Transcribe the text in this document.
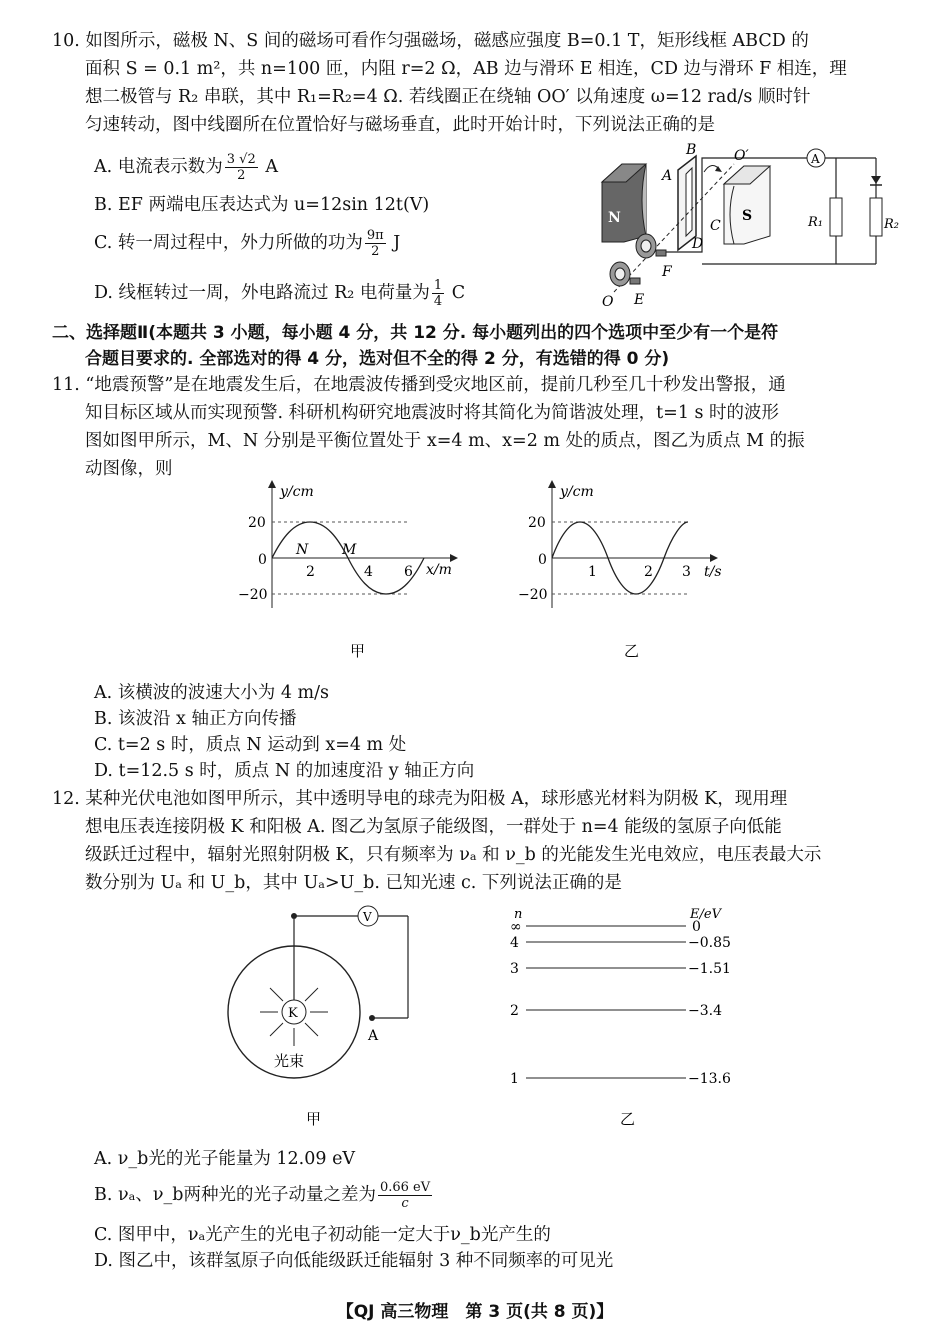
10. 如图所示，磁极 N、S 间的磁场可看作匀强磁场，磁感应强度 B=0.1 T，矩形线框 ABCD 的
面积 S = 0.1 m²，共 n=100 匝，内阻 r=2 Ω，AB 边与滑环 E 相连，CD 边与滑环 F 相连，理
想二极管与 R₂ 串联，其中 R₁=R₂=4 Ω. 若线圈正在绕轴 OO′ 以角速度 ω=12 rad/s 顺时针
匀速转动，图中线圈所在位置恰好与磁场垂直，此时开始计时，下列说法正确的是
A. 电流表示数为 $\frac{3 √2}{2}$ A
B. EF 两端电压表达式为 u=12sin 12t(V)
C. 转一周过程中，外力所做的功为 $\frac{9\pi}{2}$ J
D. 线框转过一周，外电路流过 R₂ 电荷量为 $\frac{1}{4}$ C
N	S
A
R₁	R₂
A
B
C
D
O′
F
E
O
二、选择题Ⅱ(本题共 3 小题，每小题 4 分，共 12 分. 每小题列出的四个选项中至少有一个是符
合题目要求的. 全部选对的得 4 分，选对但不全的得 2 分，有选错的得 0 分)
11. “地震预警”是在地震发生后，在地震波传播到受灾地区前，提前几秒至几十秒发出警报，通
知目标区域从而实现预警. 科研机构研究地震波时将其简化为简谐波处理，t=1 s 时的波形
图如图甲所示，M、N 分别是平衡位置处于 x=4 m、x=2 m 处的质点，图乙为质点 M 的振
动图像，则
y/cm
x/m
20
−20
0
2	4 6
N M
甲
y/cm
t/s
20
−20
0
1	2 3
乙
A. 该横波的波速大小为 4 m/s
B. 该波沿 x 轴正方向传播
C. t=2 s 时，质点 N 运动到 x=4 m 处
D. t=12.5 s 时，质点 N 的加速度沿 y 轴正方向
12. 某种光伏电池如图甲所示，其中透明导电的球壳为阳极 A，球形感光材料为阴极 K，现用理
想电压表连接阴极 K 和阳极 A. 图乙为氢原子能级图，一群处于 n=4 能级的氢原子向低能
级跃迁过程中，辐射光照射阴极 K，只有频率为 νₐ 和 ν_b 的光能发生光电效应，电压表最大示
数分别为 Uₐ 和 U_b，其中 Uₐ>U_b. 已知光速 c. 下列说法正确的是
V
K
A
光束
甲
n	E/eV
∞	0
4	−0.85
3	−1.51
2	−3.4
1	−13.6
乙
A. ν_b光的光子能量为 12.09 eV
B. νₐ、ν_b两种光的光子动量之差为 $\frac{0.66 eV}{c}$
C. 图甲中，νₐ光产生的光电子初动能一定大于ν_b光产生的
D. 图乙中，该群氢原子向低能级跃迁能辐射 3 种不同频率的可见光
【QJ 高三物理　第 3 页(共 8 页)】
